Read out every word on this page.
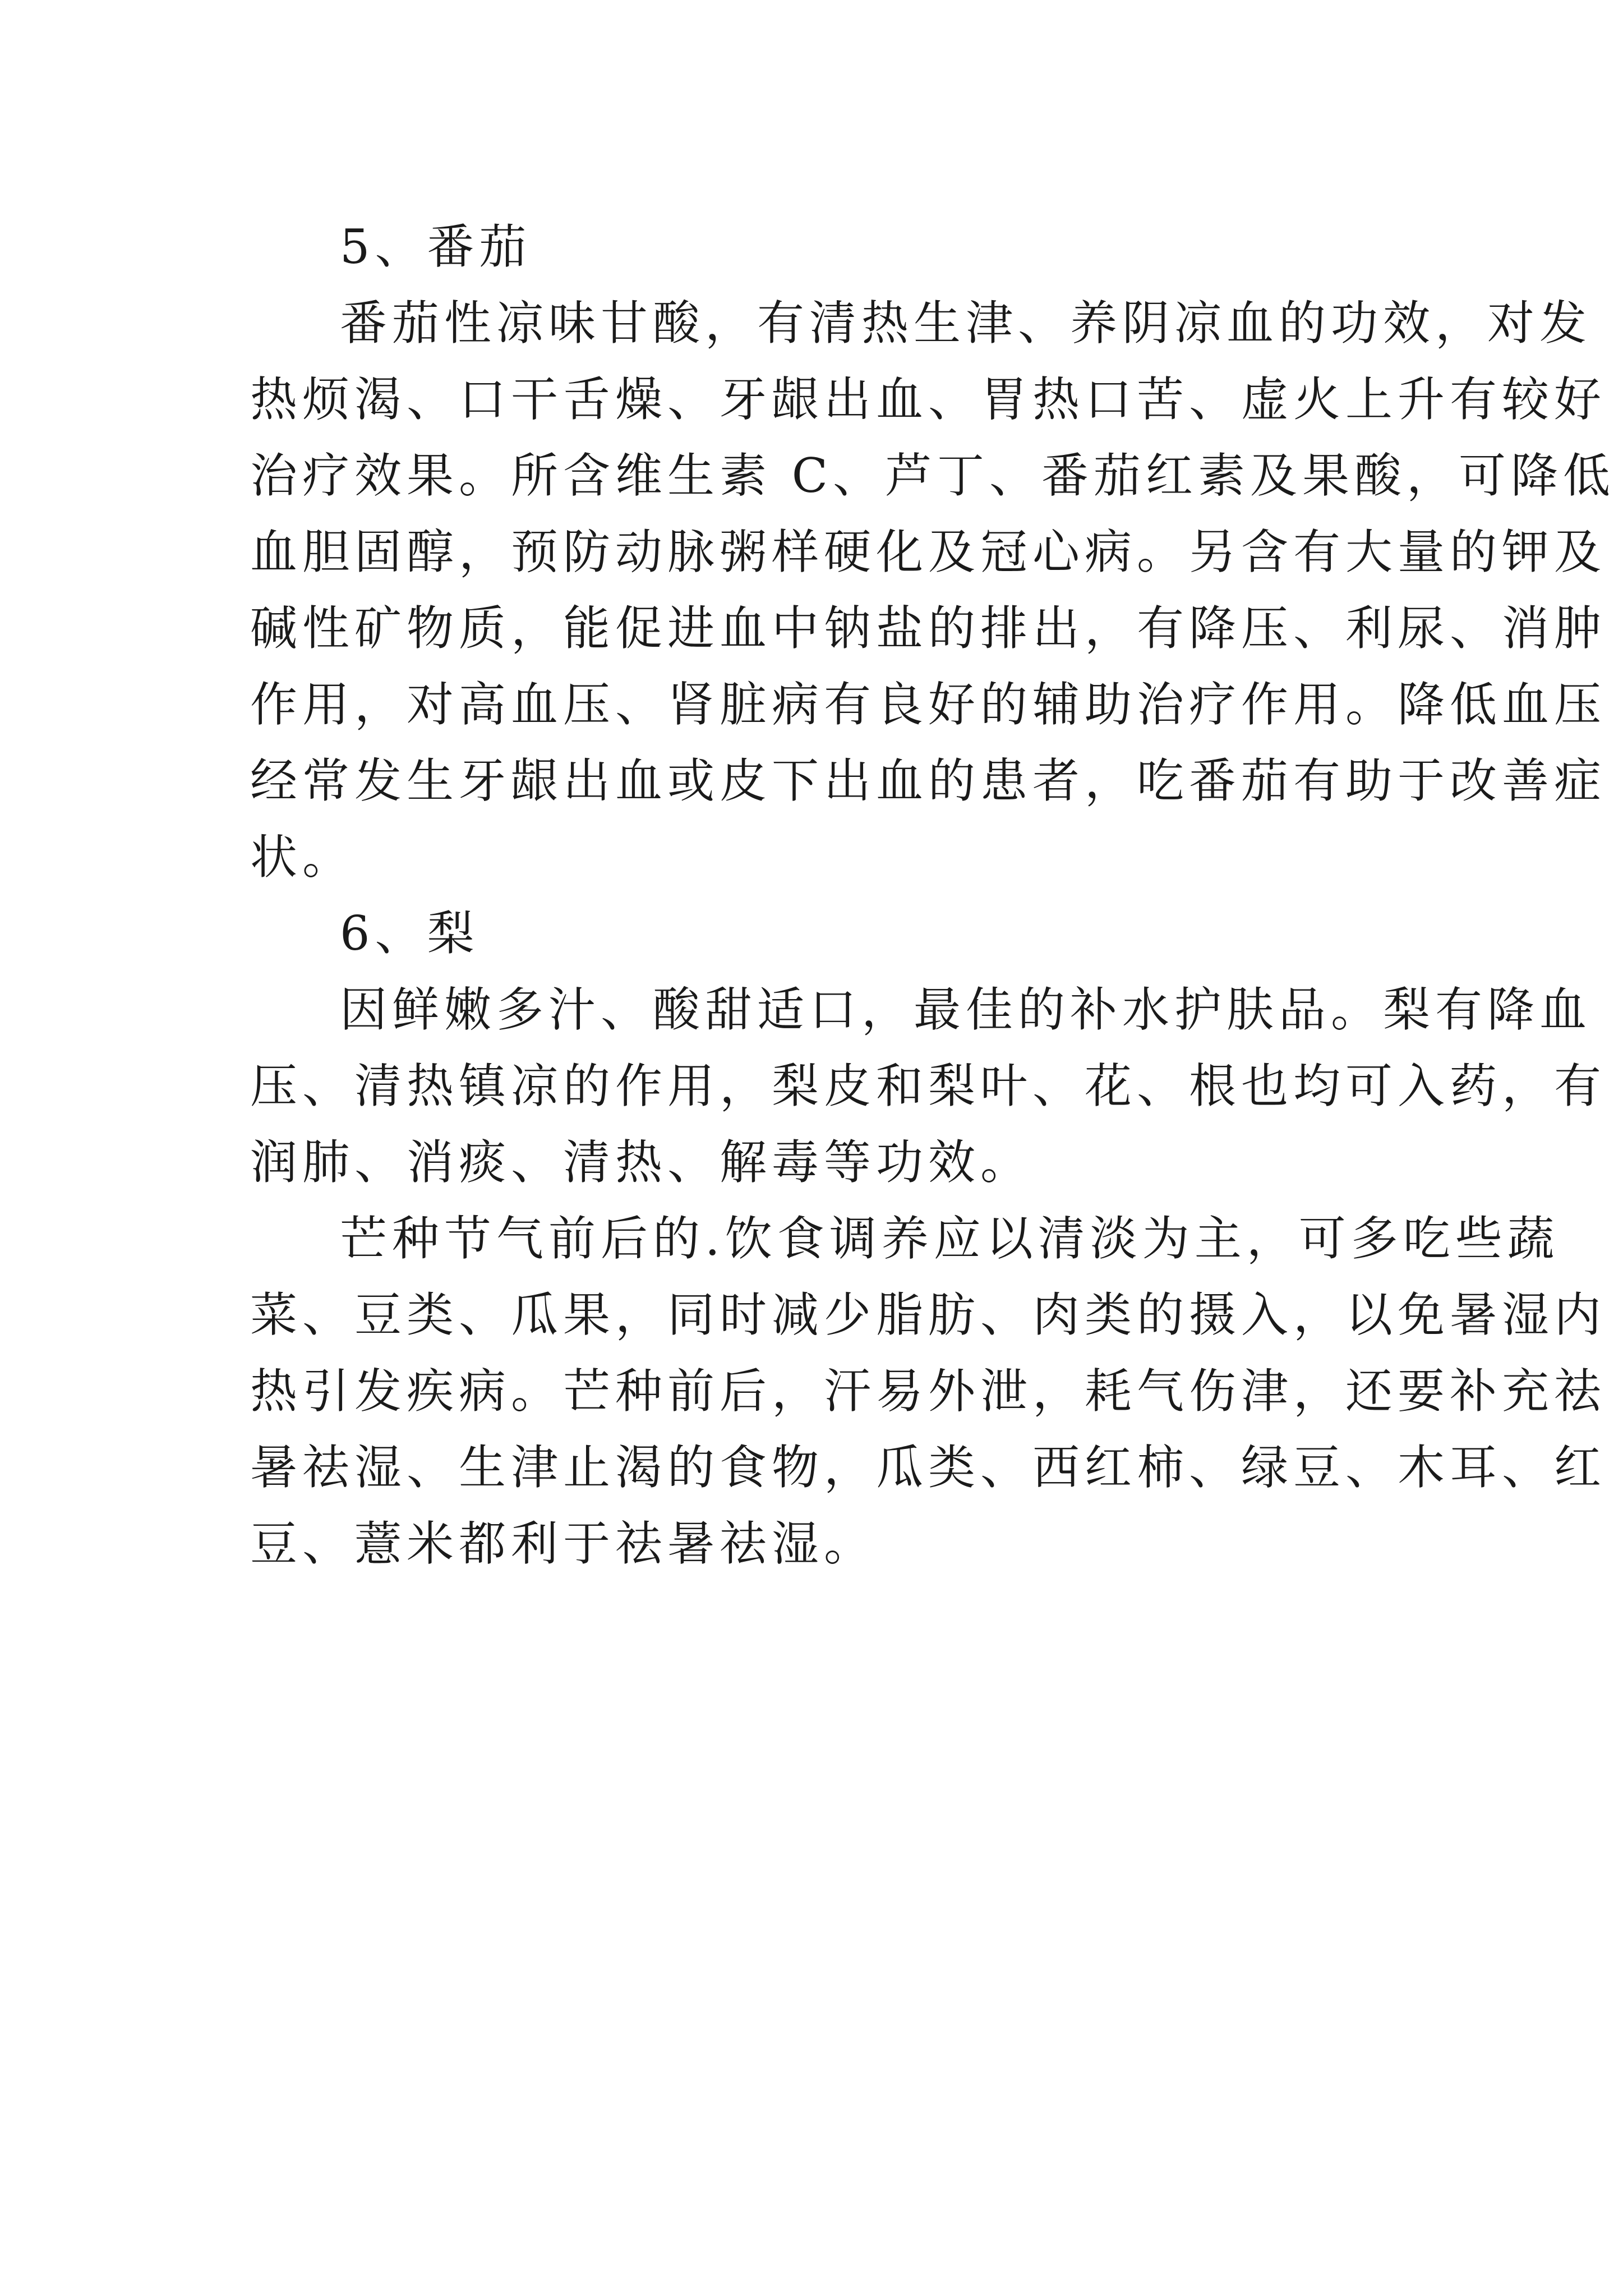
5、番茄
番茄性凉味甘酸，有清热生津、养阴凉血的功效，对发
热烦渴、口干舌燥、牙龈出血、胃热口苦、虚火上升有较好
治疗效果。所含维生素 C、芦丁、番茄红素及果酸，可降低
血胆固醇，预防动脉粥样硬化及冠心病。另含有大量的钾及
碱性矿物质，能促进血中钠盐的排出，有降压、利尿、消肿
作用，对高血压、肾脏病有良好的辅助治疗作用。降低血压
经常发生牙龈出血或皮下出血的患者，吃番茄有助于改善症
状。
6、梨
因鲜嫩多汁、酸甜适口，最佳的补水护肤品。梨有降血
压、清热镇凉的作用，梨皮和梨叶、花、根也均可入药，有
润肺、消痰、清热、解毒等功效。
芒种节气前后的.饮食调养应以清淡为主，可多吃些蔬
菜、豆类、瓜果，同时减少脂肪、肉类的摄入，以免暑湿内
热引发疾病。芒种前后，汗易外泄，耗气伤津，还要补充祛
暑祛湿、生津止渴的食物，瓜类、西红柿、绿豆、木耳、红
豆、薏米都利于祛暑祛湿。
